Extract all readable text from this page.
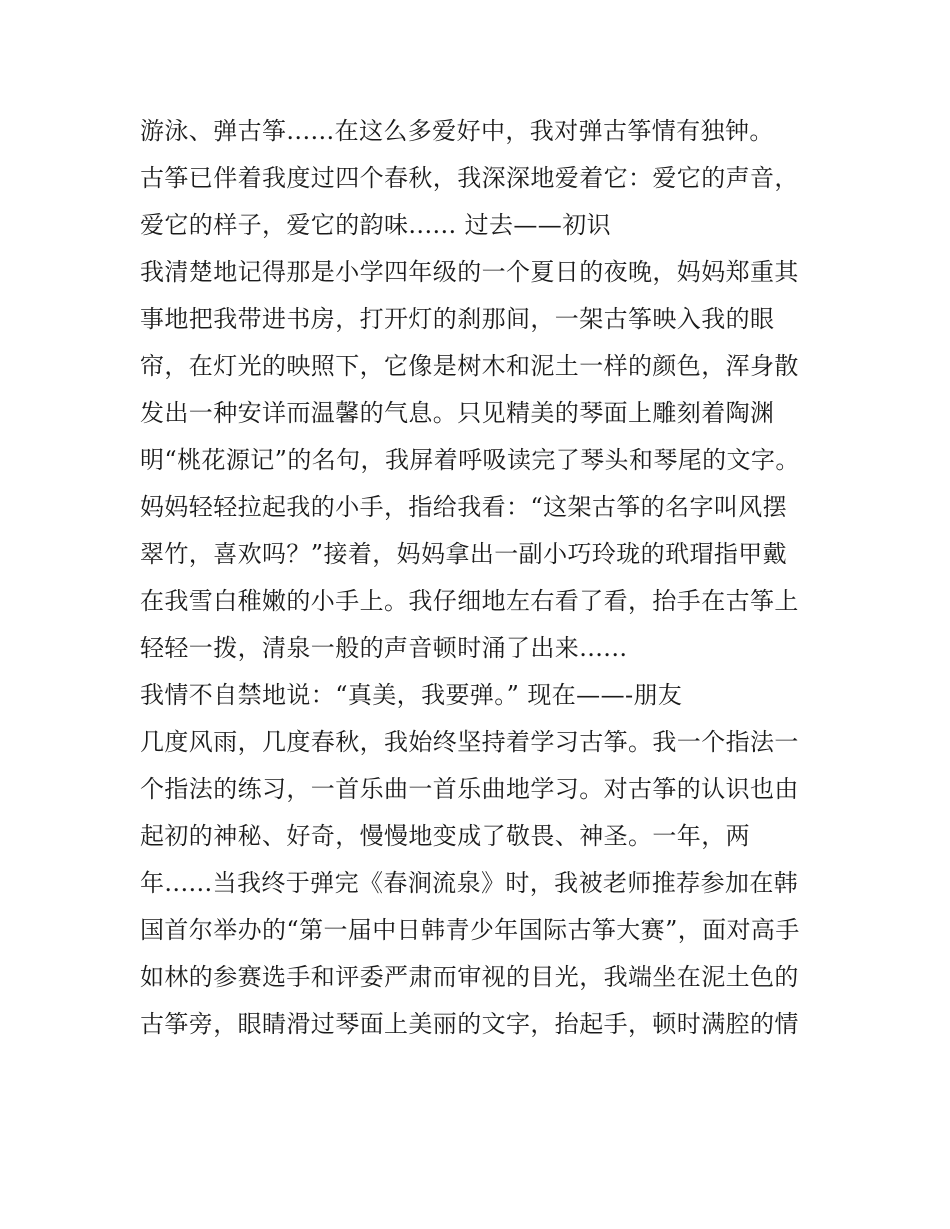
游泳、弹古筝......在这么多爱好中，我对弹古筝情有独钟。
古筝已伴着我度过四个春秋，我深深地爱着它：爱它的声音，
爱它的样子，爱它的韵味...... 过去——初识
我清楚地记得那是小学四年级的一个夏日的夜晚，妈妈郑重其
事地把我带进书房，打开灯的刹那间，一架古筝映入我的眼
帘，在灯光的映照下，它像是树木和泥土一样的颜色，浑身散
发出一种安详而温馨的气息。只见精美的琴面上雕刻着陶渊
明“桃花源记”的名句，我屏着呼吸读完了琴头和琴尾的文字。
妈妈轻轻拉起我的小手，指给我看：“这架古筝的名字叫风摆
翠竹，喜欢吗？”接着，妈妈拿出一副小巧玲珑的玳瑁指甲戴
在我雪白稚嫩的小手上。我仔细地左右看了看，抬手在古筝上
轻轻一拨，清泉一般的声音顿时涌了出来......
我情不自禁地说：“真美，我要弹。” 现在——-朋友
几度风雨，几度春秋，我始终坚持着学习古筝。我一个指法一
个指法的练习，一首乐曲一首乐曲地学习。对古筝的认识也由
起初的神秘、好奇，慢慢地变成了敬畏、神圣。一年，两
年......当我终于弹完《春涧流泉》时，我被老师推荐参加在韩
国首尔举办的“第一届中日韩青少年国际古筝大赛”，面对高手
如林的参赛选手和评委严肃而审视的目光，我端坐在泥土色的
古筝旁，眼睛滑过琴面上美丽的文字，抬起手，顿时满腔的情
